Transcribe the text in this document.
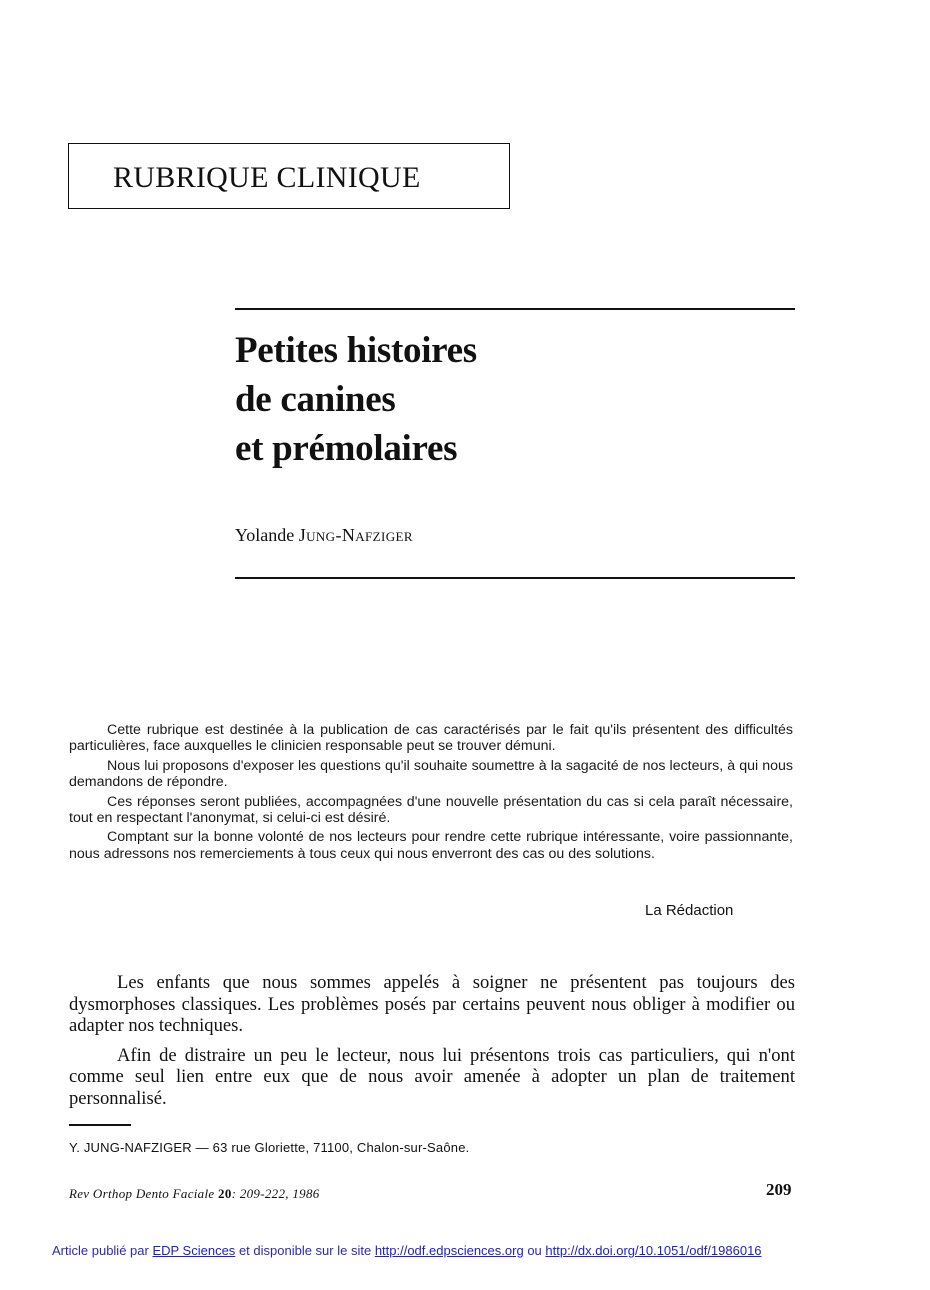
RUBRIQUE CLINIQUE
Petites histoires
de canines
et prémolaires
Yolande Jung-Nafziger

Cette rubrique est destinée à la publication de cas caractérisés par le fait qu'ils présentent des difficultés particulières, face auxquelles le clinicien responsable peut se trouver démuni.

Nous lui proposons d'exposer les questions qu'il souhaite soumettre à la sagacité de nos lecteurs, à qui nous demandons de répondre.

Ces réponses seront publiées, accompagnées d'une nouvelle présentation du cas si cela paraît nécessaire, tout en respectant l'anonymat, si celui-ci est désiré.

Comptant sur la bonne volonté de nos lecteurs pour rendre cette rubrique intéressante, voire passionnante, nous adressons nos remerciements à tous ceux qui nous enverront des cas ou des solutions.

La Rédaction

Les enfants que nous sommes appelés à soigner ne présentent pas toujours des dysmorphoses classiques. Les problèmes posés par certains peuvent nous obliger à modifier ou adapter nos techniques.

Afin de distraire un peu le lecteur, nous lui présentons trois cas particuliers, qui n'ont comme seul lien entre eux que de nous avoir amenée à adopter un plan de traitement personnalisé.

Y. JUNG-NAFZIGER — 63 rue Gloriette, 71100, Chalon-sur-Saône.
Rev Orthop Dento Faciale 20: 209-222, 1986	209
Article publié par EDP Sciences et disponible sur le site http://odf.edpsciences.org ou http://dx.doi.org/10.1051/odf/1986016
